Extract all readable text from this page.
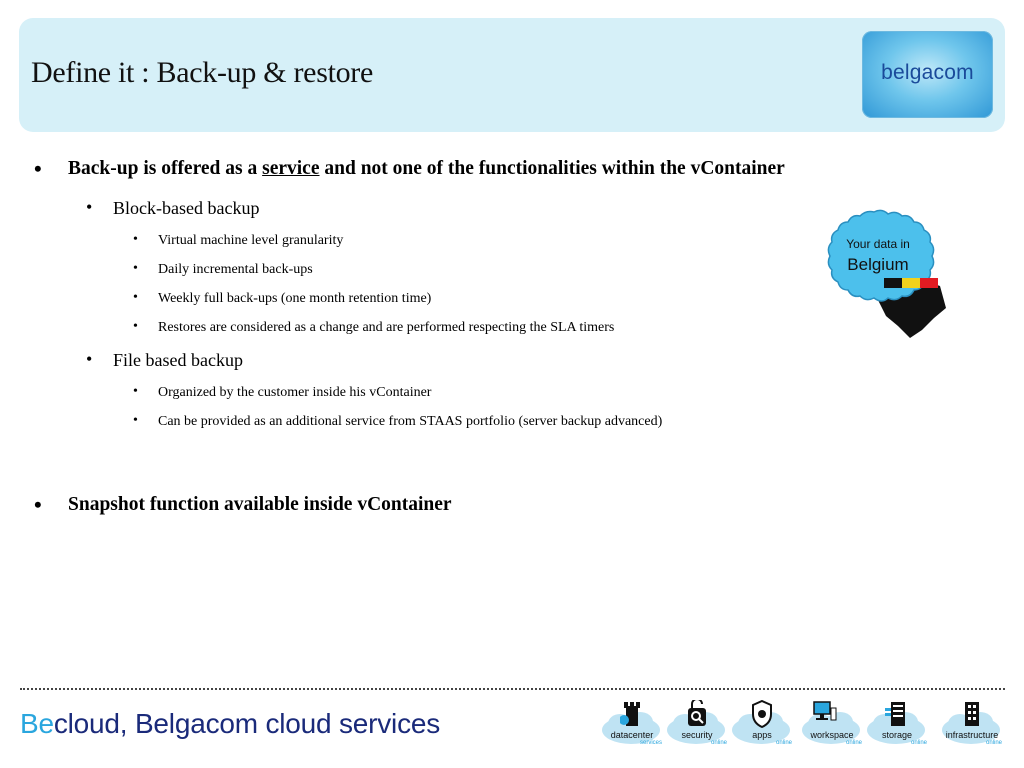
Define it : Back-up & restore	belgacom
• Back-up is offered as a service and not one of the functionalities within the vContainer
• Block-based backup
• Virtual machine level granularity
• Daily incremental back-ups
• Weekly full back-ups (one month retention time)
• Restores are considered as a change and are performed respecting the SLA timers
• File based backup
• Organized by the customer inside his vContainer
• Can be provided as an additional service from STAAS portfolio (server backup advanced)
• Snapshot function available inside vContainer
Your data in
Belgium
Becloud, Belgacom cloud services	datacenter
services
security
online
apps
online
workspace
online
storage
online
infrastructure
online
